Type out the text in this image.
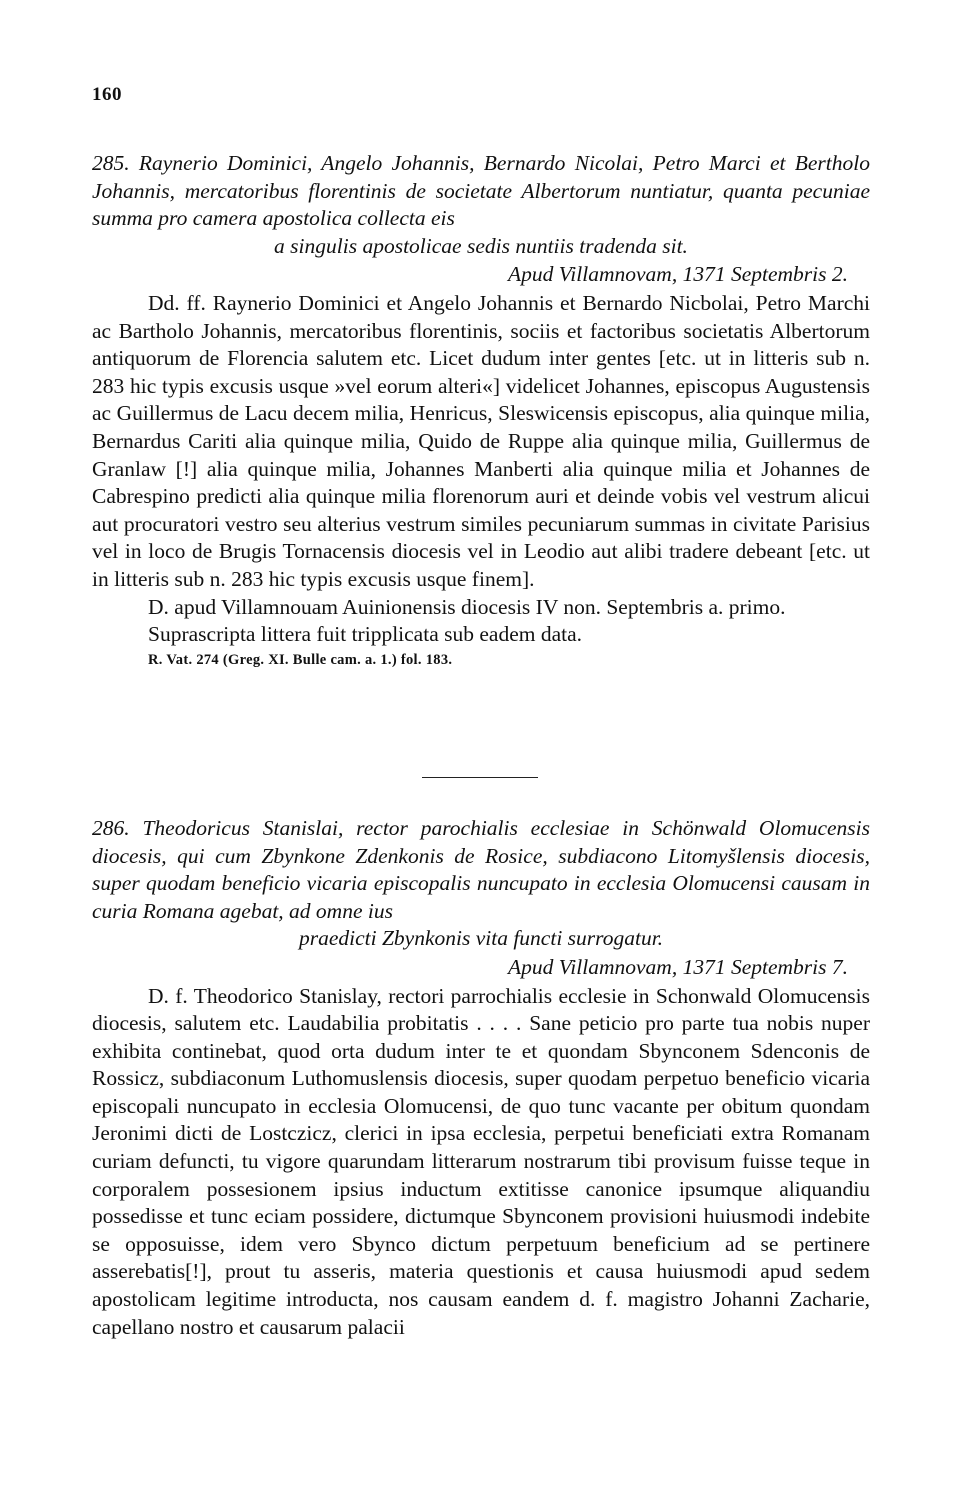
160

285. Raynerio Dominici, Angelo Johannis, Bernardo Nicolai, Petro Marci et Bertholo Johannis, mercatoribus florentinis de societate Albertorum nuntiatur, quanta pecuniae summa pro camera apostolica collecta eis

a singulis apostolicae sedis nuntiis tradenda sit.

Apud Villamnovam, 1371 Septembris 2.

Dd. ff. Raynerio Dominici et Angelo Johannis et Bernardo Nicbolai, Petro Marchi ac Bartholo Johannis, mercatoribus florentinis, sociis et factoribus societatis Albertorum antiquorum de Florencia salutem etc. Licet dudum inter gentes [etc. ut in litteris sub n. 283 hic typis excusis usque »vel eorum alteri«] videlicet Johannes, episcopus Augustensis ac Guillermus de Lacu decem milia, Henricus, Sleswicensis episcopus, alia quinque milia, Bernardus Cariti alia quinque milia, Quido de Ruppe alia quinque milia, Guillermus de Granlaw [!] alia quinque milia, Johannes Manberti alia quinque milia et Johannes de Cabrespino predicti alia quinque milia florenorum auri et deinde vobis vel vestrum alicui aut procuratori vestro seu alterius vestrum similes pecuniarum summas in civitate Parisius vel in loco de Brugis Tornacensis diocesis vel in Leodio aut alibi tradere debeant [etc. ut in litteris sub n. 283 hic typis excusis usque finem].

D. apud Villamnouam Auinionensis diocesis IV non. Septembris a. primo.

Suprascripta littera fuit tripplicata sub eadem data.

R. Vat. 274 (Greg. XI. Bulle cam. a. 1.) fol. 183.

286. Theodoricus Stanislai, rector parochialis ecclesiae in Schönwald Olomucensis diocesis, qui cum Zbynkone Zdenkonis de Rosice, subdiacono Litomyšlensis diocesis, super quodam beneficio vicaria episcopalis nuncupato in ecclesia Olomucensi causam in curia Romana agebat, ad omne ius

praedicti Zbynkonis vita functi surrogatur.

Apud Villamnovam, 1371 Septembris 7.

D. f. Theodorico Stanislay, rectori parrochialis ecclesie in Schonwald Olomucensis diocesis, salutem etc. Laudabilia probitatis . . . . Sane peticio pro parte tua nobis nuper exhibita continebat, quod orta dudum inter te et quondam Sbynconem Sdenconis de Rossicz, subdiaconum Luthomuslensis diocesis, super quodam perpetuo beneficio vicaria episcopali nuncupato in ecclesia Olomucensi, de quo tunc vacante per obitum quondam Jeronimi dicti de Lostczicz, clerici in ipsa ecclesia, perpetui beneficiati extra Romanam curiam defuncti, tu vigore quarundam litterarum nostrarum tibi provisum fuisse teque in corporalem possesionem ipsius inductum extitisse canonice ipsumque aliquandiu possedisse et tunc eciam possidere, dictumque Sbynconem provisioni huiusmodi indebite se opposuisse, idem vero Sbynco dictum perpetuum beneficium ad se pertinere asserebatis[!], prout tu asseris, materia questionis et causa huiusmodi apud sedem apostolicam legitime introducta, nos causam eandem d. f. magistro Johanni Zacharie, capellano nostro et causarum palacii
